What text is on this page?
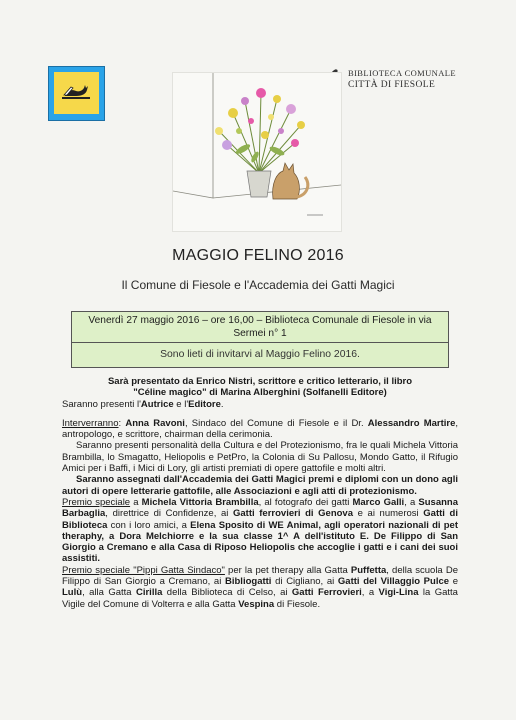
BIBLIOTECA COMUNALE
CITTÀ DI FIESOLE
MAGGIO FELINO 2016
Il Comune di Fiesole e l'Accademia dei Gatti Magici
Venerdì 27 maggio 2016 – ore 16,00 – Biblioteca Comunale di Fiesole in via
Sermei n° 1
Sono lieti di invitarvi al Maggio Felino 2016.

Sarà presentato da Enrico Nistri, scrittore e critico letterario, il libro

"Céline magico" di Marina Alberghini (Solfanelli Editore)

Saranno presenti l'Autrice e l'Editore.

Interverranno: Anna Ravoni, Sindaco del Comune di Fiesole e il Dr. Alessandro Martire, antropologo, e scrittore, chairman della cerimonia.

Saranno presenti personalità della Cultura e del Protezionismo, fra le quali Michela Vittoria Brambilla, lo Smagatto, Heliopolis e PetPro, la Colonia di Su Pallosu, Mondo Gatto, il Rifugio Amici per i Baffi, i Mici di Lory, gli artisti premiati di opere gattofile e molti altri.

Saranno assegnati dall'Accademia dei Gatti Magici premi e diplomi con un dono agli autori di opere letterarie gattofile, alle Associazioni e agli atti di protezionismo.

Premio speciale a Michela Vittoria Brambilla, al fotografo dei gatti Marco Galli, a Susanna Barbaglia, direttrice di Confidenze, ai Gatti ferrovieri di Genova e ai numerosi Gatti di Biblioteca con i loro amici, a Elena Sposito di WE Animal, agli operatori nazionali di pet theraphy, a Dora Melchiorre e la sua classe 1^ A dell'istituto E. De Filippo di San Giorgio a Cremano e alla Casa di Riposo Heliopolis che accoglie i gatti e i cani dei suoi assistiti.

Premio speciale "Pippi Gatta Sindaco" per la pet therapy alla Gatta Puffetta, della scuola De Filippo di San Giorgio a Cremano, ai Bibliogatti di Cigliano, ai Gatti del Villaggio Pulce e Lulù, alla Gatta Cirilla della Biblioteca di Celso, ai Gatti Ferrovieri, a Vigi-Lina la Gatta Vigile del Comune di Volterra e alla Gatta Vespina di Fiesole.
